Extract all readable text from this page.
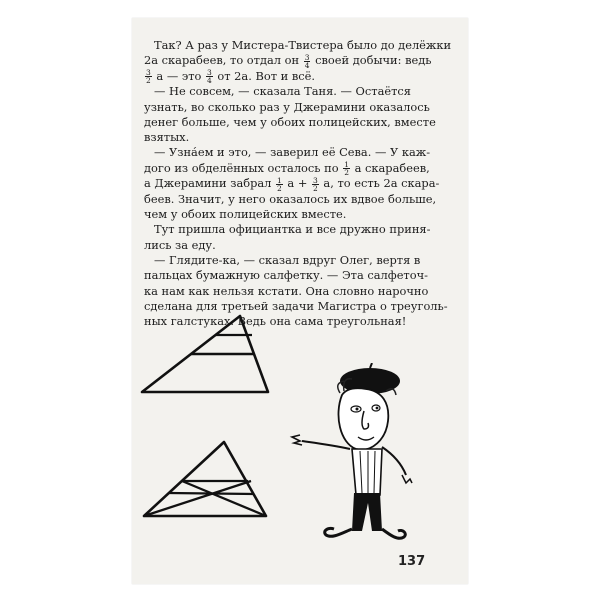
Так? А раз у Мистера-Твистера было до делёжки
2a скарабеев, то отдал он $\frac{3}{4}$ своей добычи: ведь
$\frac{3}{2}$ a — это $\frac{3}{4}$ от 2a. Вот и всё.

— Не совсем, — сказала Таня. — Остаётся
узнать, во сколько раз у Джерамини оказалось
денег больше, чем у обоих полицейских, вместе
взятых.

— Узна́ем и это, — заверил её Сева. — У каж-
дого из обделённых осталось по $\frac{1}{2}$ a скарабеев,
а Джерамини забрал $\frac{1}{2}$ $a + \frac{3}{2} a$, то есть 2a скара-
беев. Значит, у него оказалось их вдвое больше,
чем у обоих полицейских вместе.

Тут пришла официантка и все дружно приня-
лись за еду.

— Глядите-ка, — сказал вдруг Олег, вертя в
пальцах бумажную салфетку. — Эта салфеточ-
ка нам как нельзя кстати. Она словно нарочно
сделана для третьей задачи Магистра о треуголь-
ных галстуках. Ведь она сама треугольная!

137
